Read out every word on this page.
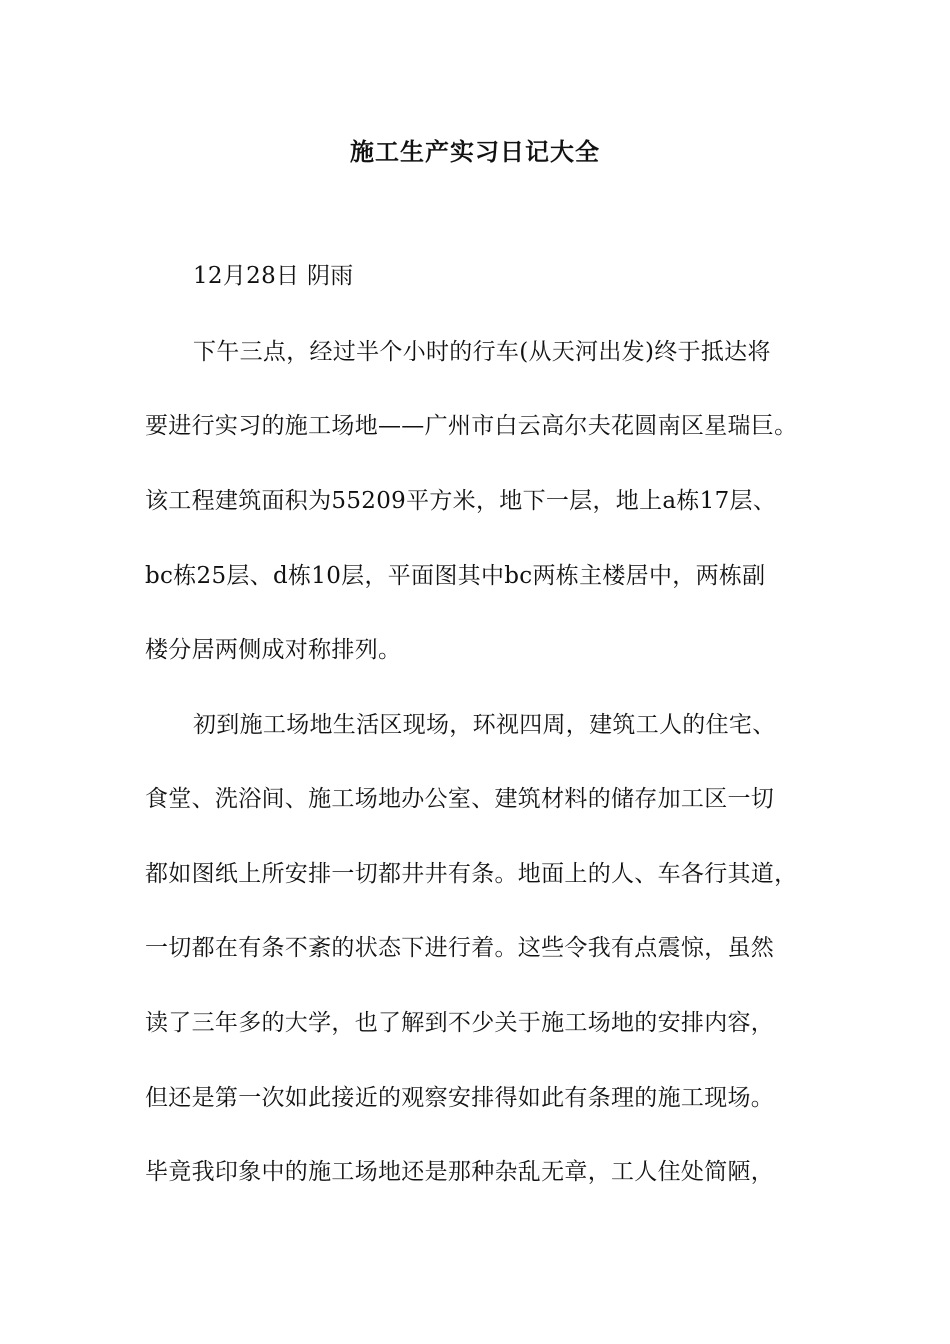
施工生产实习日记大全
12月28日 阴雨
下午三点，经过半个小时的行车(从天河出发)终于抵达将
要进行实习的施工场地——广州市白云高尔夫花圆南区星瑞巨。
该工程建筑面积为55209平方米，地下一层，地上a栋17层、
bc栋25层、d栋10层，平面图其中bc两栋主楼居中，两栋副
楼分居两侧成对称排列。
初到施工场地生活区现场，环视四周，建筑工人的住宅、
食堂、洗浴间、施工场地办公室、建筑材料的储存加工区一切
都如图纸上所安排一切都井井有条。地面上的人、车各行其道，
一切都在有条不紊的状态下进行着。这些令我有点震惊，虽然
读了三年多的大学，也了解到不少关于施工场地的安排内容，
但还是第一次如此接近的观察安排得如此有条理的施工现场。
毕竟我印象中的施工场地还是那种杂乱无章，工人住处简陋，
